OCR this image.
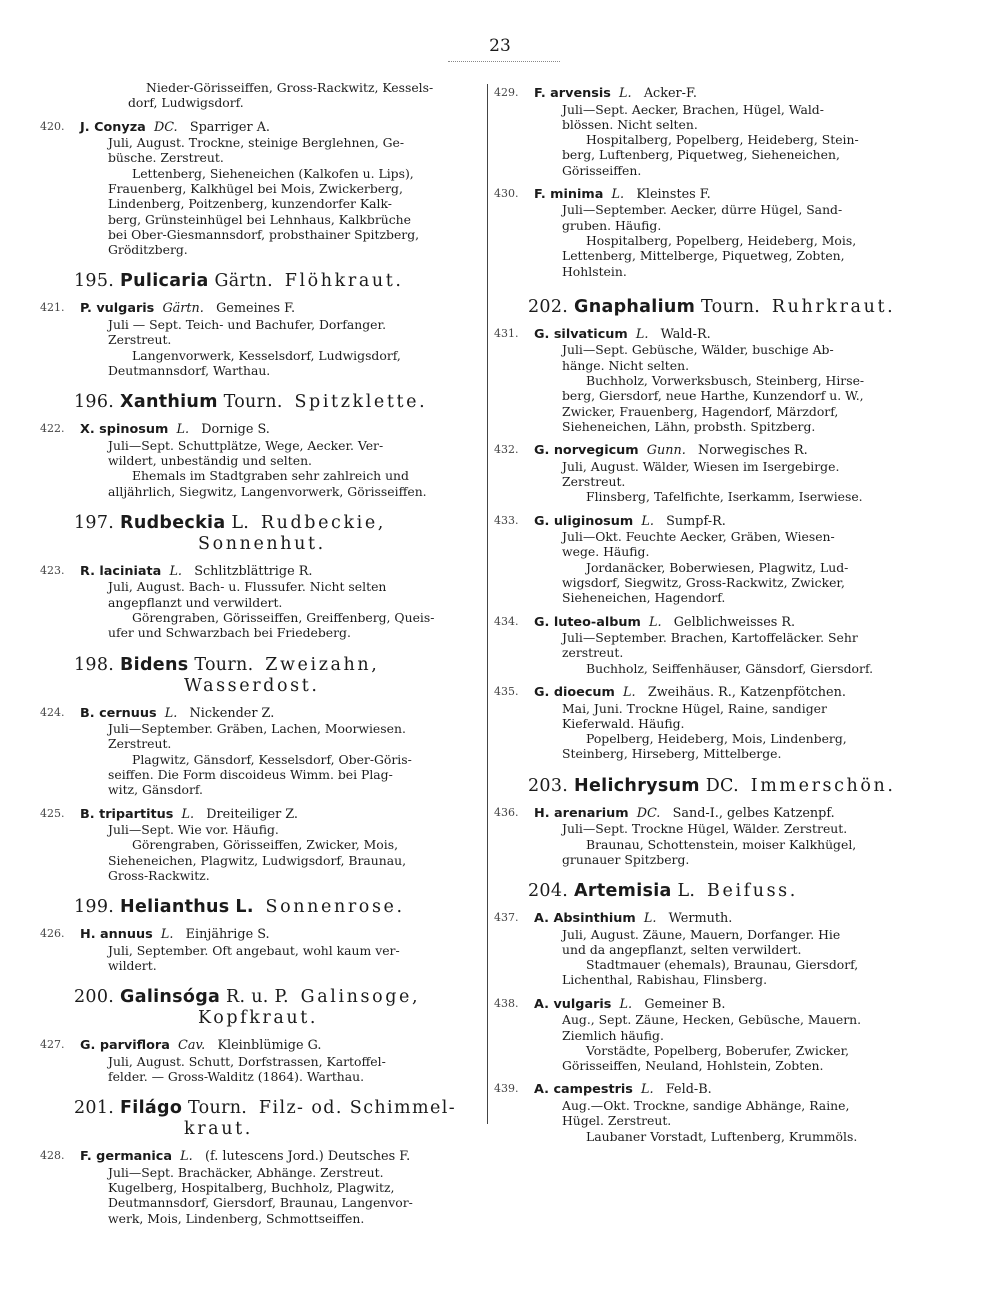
23
Nieder-Görisseiffen, Gross-Rackwitz, Kessels-
dorf, Ludwigsdorf.
420. J. Conyza DC. Sparriger A.
Juli, August. Trockne, steinige Berglehnen, Ge-
büsche. Zerstreut.
Lettenberg, Sieheneichen (Kalkofen u. Lips),
Frauenberg, Kalkhügel bei Mois, Zwickerberg,
Lindenberg, Poitzenberg, kunzendorfer Kalk-
berg, Grünsteinhügel bei Lehnhaus, Kalkbrüche
bei Ober-Giesmannsdorf, probsthainer Spitzberg,
Gröditzberg.
195. Pulicaria Gärtn. Flöhkraut.
421. P. vulgaris Gärtn. Gemeines F.
Juli — Sept. Teich- und Bachufer, Dorfanger.
Zerstreut.
Langenvorwerk, Kesselsdorf, Ludwigsdorf,
Deutmannsdorf, Warthau.
196. Xanthium Tourn. Spitzklette.
422. X. spinosum L. Dornige S.
Juli—Sept. Schuttplätze, Wege, Aecker. Ver-
wildert, unbeständig und selten.
Ehemals im Stadtgraben sehr zahlreich und
alljährlich, Siegwitz, Langenvorwerk, Görisseiffen.
197. Rudbeckia L. Rudbeckie,
Sonnenhut.
423. R. laciniata L. Schlitzblättrige R.
Juli, August. Bach- u. Flussufer. Nicht selten
angepflanzt und verwildert.
Görengraben, Görisseiffen, Greiffenberg, Queis-
ufer und Schwarzbach bei Friedeberg.
198. Bidens Tourn. Zweizahn,
Wasserdost.
424. B. cernuus L. Nickender Z.
Juli—September. Gräben, Lachen, Moorwiesen.
Zerstreut.
Plagwitz, Gänsdorf, Kesselsdorf, Ober-Göris-
seiffen. Die Form discoideus Wimm. bei Plag-
witz, Gänsdorf.
425. B. tripartitus L. Dreiteiliger Z.
Juli—Sept. Wie vor. Häufig.
Görengraben, Görisseiffen, Zwicker, Mois,
Sieheneichen, Plagwitz, Ludwigsdorf, Braunau,
Gross-Rackwitz.
199. Helianthus L. Sonnenrose.
426. H. annuus L. Einjährige S.
Juli, September. Oft angebaut, wohl kaum ver-
wildert.
200. Galinsóga R. u. P. Galinsoge,
Kopfkraut.
427. G. parviflora Cav. Kleinblümige G.
Juli, August. Schutt, Dorfstrassen, Kartoffel-
felder. — Gross-Walditz (1864). Warthau.
201. Filágo Tourn. Filz- od. Schimmel-
kraut.
428. F. germanica L. (f. lutescens Jord.) Deutsches F.
Juli—Sept. Brachäcker, Abhänge. Zerstreut.
Kugelberg, Hospitalberg, Buchholz, Plagwitz,
Deutmannsdorf, Giersdorf, Braunau, Langenvor-
werk, Mois, Lindenberg, Schmottseiffen.
429. F. arvensis L. Acker-F.
Juli—Sept. Aecker, Brachen, Hügel, Wald-
blössen. Nicht selten.
Hospitalberg, Popelberg, Heideberg, Stein-
berg, Luftenberg, Piquetweg, Sieheneichen,
Görisseiffen.
430. F. minima L. Kleinstes F.
Juli—September. Aecker, dürre Hügel, Sand-
gruben. Häufig.
Hospitalberg, Popelberg, Heideberg, Mois,
Lettenberg, Mittelberge, Piquetweg, Zobten,
Hohlstein.
202. Gnaphalium Tourn. Ruhrkraut.
431. G. silvaticum L. Wald-R.
Juli—Sept. Gebüsche, Wälder, buschige Ab-
hänge. Nicht selten.
Buchholz, Vorwerksbusch, Steinberg, Hirse-
berg, Giersdorf, neue Harthe, Kunzendorf u. W.,
Zwicker, Frauenberg, Hagendorf, Märzdorf,
Sieheneichen, Lähn, probsth. Spitzberg.
432. G. norvegicum Gunn. Norwegisches R.
Juli, August. Wälder, Wiesen im Isergebirge.
Zerstreut.
Flinsberg, Tafelfichte, Iserkamm, Iserwiese.
433. G. uliginosum L. Sumpf-R.
Juli—Okt. Feuchte Aecker, Gräben, Wiesen-
wege. Häufig.
Jordanäcker, Boberwiesen, Plagwitz, Lud-
wigsdorf, Siegwitz, Gross-Rackwitz, Zwicker,
Sieheneichen, Hagendorf.
434. G. luteo-album L. Gelblichweisses R.
Juli—September. Brachen, Kartoffeläcker. Sehr
zerstreut.
Buchholz, Seiffenhäuser, Gänsdorf, Giersdorf.
435. G. dioecum L. Zweihäus. R., Katzenpfötchen.
Mai, Juni. Trockne Hügel, Raine, sandiger
Kieferwald. Häufig.
Popelberg, Heideberg, Mois, Lindenberg,
Steinberg, Hirseberg, Mittelberge.
203. Helichrysum DC. Immerschön.
436. H. arenarium DC. Sand-I., gelbes Katzenpf.
Juli—Sept. Trockne Hügel, Wälder. Zerstreut.
Braunau, Schottenstein, moiser Kalkhügel,
grunauer Spitzberg.
204. Artemisia L. Beifuss.
437. A. Absinthium L. Wermuth.
Juli, August. Zäune, Mauern, Dorfanger. Hie
und da angepflanzt, selten verwildert.
Stadtmauer (ehemals), Braunau, Giersdorf,
Lichenthal, Rabishau, Flinsberg.
438. A. vulgaris L. Gemeiner B.
Aug., Sept. Zäune, Hecken, Gebüsche, Mauern.
Ziemlich häufig.
Vorstädte, Popelberg, Boberufer, Zwicker,
Görisseiffen, Neuland, Hohlstein, Zobten.
439. A. campestris L. Feld-B.
Aug.—Okt. Trockne, sandige Abhänge, Raine,
Hügel. Zerstreut.
Laubaner Vorstadt, Luftenberg, Krummöls.
